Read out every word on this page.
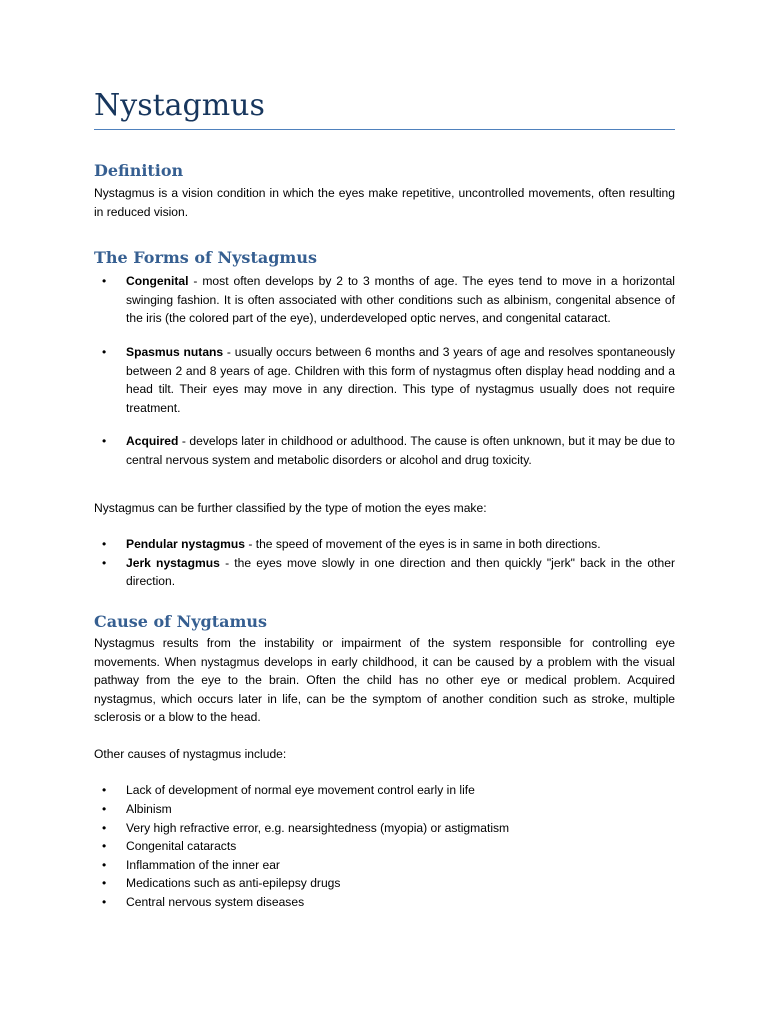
Nystagmus
Definition

Nystagmus is a vision condition in which the eyes make repetitive, uncontrolled movements, often resulting in reduced vision.

The Forms of Nystagmus
• Congenital - most often develops by 2 to 3 months of age. The eyes tend to move in a horizontal swinging fashion. It is often associated with other conditions such as albinism, congenital absence of the iris (the colored part of the eye), underdeveloped optic nerves, and congenital cataract.
• Spasmus nutans - usually occurs between 6 months and 3 years of age and resolves spontaneously between 2 and 8 years of age. Children with this form of nystagmus often display head nodding and a head tilt. Their eyes may move in any direction. This type of nystagmus usually does not require treatment.
• Acquired - develops later in childhood or adulthood. The cause is often unknown, but it may be due to central nervous system and metabolic disorders or alcohol and drug toxicity.

Nystagmus can be further classified by the type of motion the eyes make:

• Pendular nystagmus - the speed of movement of the eyes is in same in both directions.
• Jerk nystagmus - the eyes move slowly in one direction and then quickly "jerk" back in the other direction.
Cause of Nygtamus

Nystagmus results from the instability or impairment of the system responsible for controlling eye movements. When nystagmus develops in early childhood, it can be caused by a problem with the visual pathway from the eye to the brain. Often the child has no other eye or medical problem. Acquired nystagmus, which occurs later in life, can be the symptom of another condition such as stroke, multiple sclerosis or a blow to the head.

Other causes of nystagmus include:

• Lack of development of normal eye movement control early in life
• Albinism
• Very high refractive error, e.g. nearsightedness (myopia) or astigmatism
• Congenital cataracts
• Inflammation of the inner ear
• Medications such as anti-epilepsy drugs
• Central nervous system diseases
